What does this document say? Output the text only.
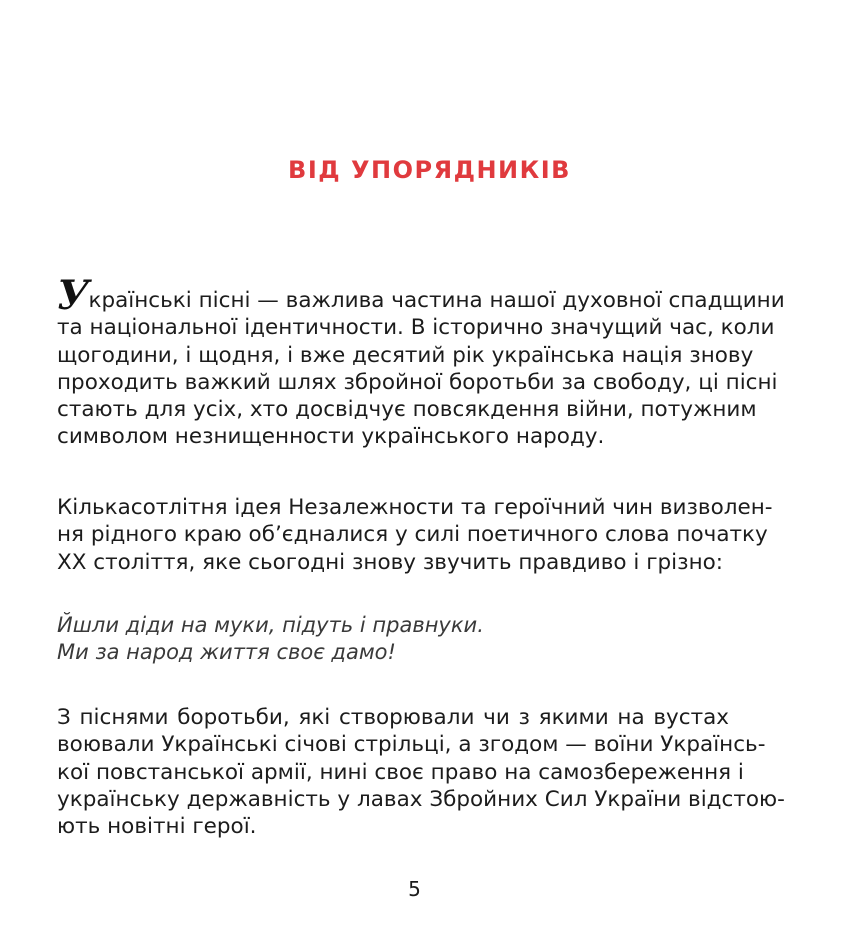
ВІД УПОРЯДНИКІВ
Українські пісні — важлива частина нашої духовної спадщини
та національної ідентичности. В історично значущий час, коли
щогодини, і щодня, і вже десятий рік українська нація знову
проходить важкий шлях збройної боротьби за свободу, ці пісні
стають для усіх, хто досвідчує повсякдення війни, потужним
символом незнищенности українського народу.
Кількасотлітня ідея Незалежности та героїчний чин визволен-
ня рідного краю об’єдналися у силі поетичного слова початку
XX століття, яке сьогодні знову звучить правдиво і грізно:
Йшли діди на муки, підуть і правнуки.
Ми за народ життя своє дамо!
З піснями боротьби, які створювали чи з якими на вустах
воювали Українські січові стрільці, а згодом — воїни Українсь-
кої повстанської армії, нині своє право на самозбереження і
українську державність у лавах Збройних Сил України відстою-
ють новітні герої.
5
